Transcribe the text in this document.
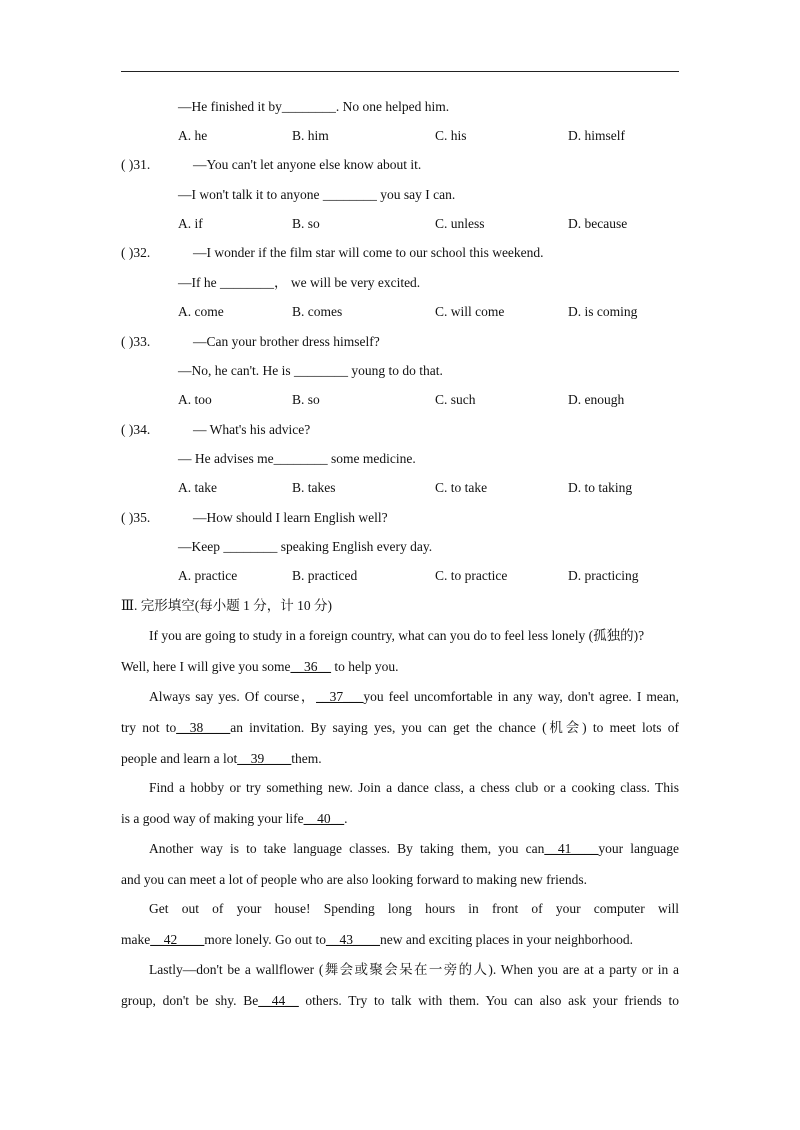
—He finished it by________. No one helped him.
A. he	B. him	C. his	D. himself
( )31.	—You can't let anyone else know about it.
—I won't talk it to anyone ________ you say I can.
A. if	B. so	C. unless	D. because
( )32.	—I wonder if the film star will come to our school this weekend.
—If he ________， we will be very excited.
A. come	B. comes	C. will come	D. is coming
( )33.	—Can your brother dress himself?
—No, he can't. He is ________ young to do that.
A. too	B. so	C. such	D. enough
( )34.	— What's his advice?
— He advises me________ some medicine.
A. take	B. takes	C. to take	D. to taking
( )35.	—How should I learn English well?
—Keep ________ speaking English every day.
A. practice	B. practiced	C. to practice	D. practicing
Ⅲ. 完形填空(每小题 1 分，计 10 分)
If you are going to study in a foreign country, what can you do to feel less lonely (孤独的)?
Well, here I will give you some__36__ to help you.
Always say yes. Of course，__37___you feel uncomfortable in any way, don't agree. I mean,
try not to__38____an invitation. By saying yes, you can get the chance (机会) to meet lots of
people and learn a lot__39____them.
Find a hobby or try something new. Join a dance class, a chess club or a cooking class. This
is a good way of making your life__40__.
Another way is to take language classes. By taking them, you can__41____your language
and you can meet a lot of people who are also looking forward to making new friends.
Get out of your house! Spending long hours in front of your computer will
make__42____more lonely. Go out to__43____new and exciting places in your neighborhood.
Lastly—don't be a wallflower (舞会或聚会呆在一旁的人). When you are at a party or in a
group, don't be shy. Be__44__ others. Try to talk with them. You can also ask your friends to
